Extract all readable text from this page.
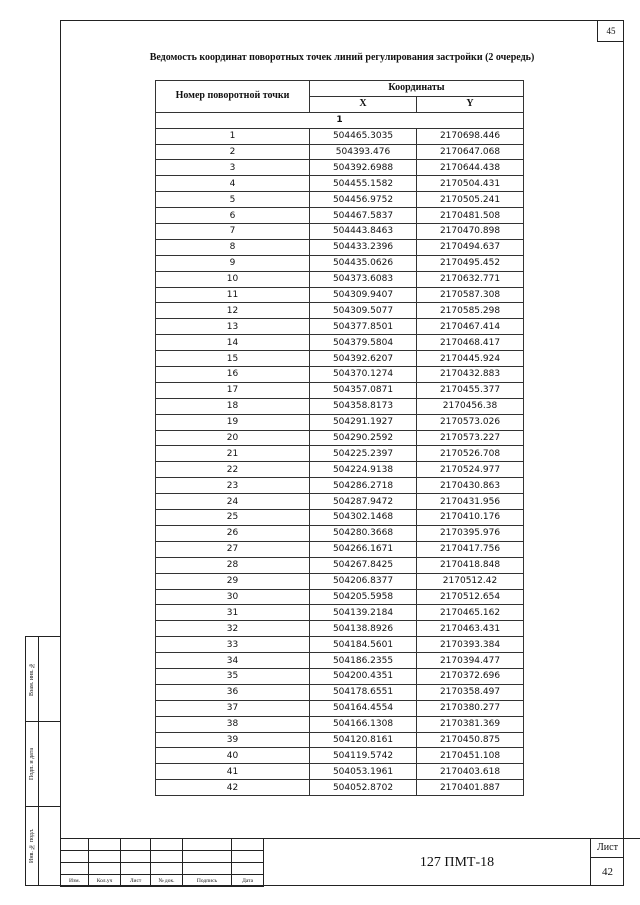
45
Ведомость координат поворотных точек линий регулирования застройки (2 очередь)
Номер поворотной точки	Координаты	
	X	Y
1		
1	504465.3035	2170698.446
2	504393.476	2170647.068
3	504392.6988	2170644.438
4	504455.1582	2170504.431
5	504456.9752	2170505.241
6	504467.5837	2170481.508
7	504443.8463	2170470.898
8	504433.2396	2170494.637
9	504435.0626	2170495.452
10	504373.6083	2170632.771
11	504309.9407	2170587.308
12	504309.5077	2170585.298
13	504377.8501	2170467.414
14	504379.5804	2170468.417
15	504392.6207	2170445.924
16	504370.1274	2170432.883
17	504357.0871	2170455.377
18	504358.8173	2170456.38
19	504291.1927	2170573.026
20	504290.2592	2170573.227
21	504225.2397	2170526.708
22	504224.9138	2170524.977
23	504286.2718	2170430.863
24	504287.9472	2170431.956
25	504302.1468	2170410.176
26	504280.3668	2170395.976
27	504266.1671	2170417.756
28	504267.8425	2170418.848
29	504206.8377	2170512.42
30	504205.5958	2170512.654
31	504139.2184	2170465.162
32	504138.8926	2170463.431
33	504184.5601	2170393.384
34	504186.2355	2170394.477
35	504200.4351	2170372.696
36	504178.6551	2170358.497
37	504164.4554	2170380.277
38	504166.1308	2170381.369
39	504120.8161	2170450.875
40	504119.5742	2170451.108
41	504053.1961	2170403.618
42	504052.8702	2170401.887
Взам. инв. №
Подп. и дата
Инв. № подл.

Изм.	Кол.уч	Лист	№ док.	Подпись	Дата
127 ПМТ-18
Лист
42
